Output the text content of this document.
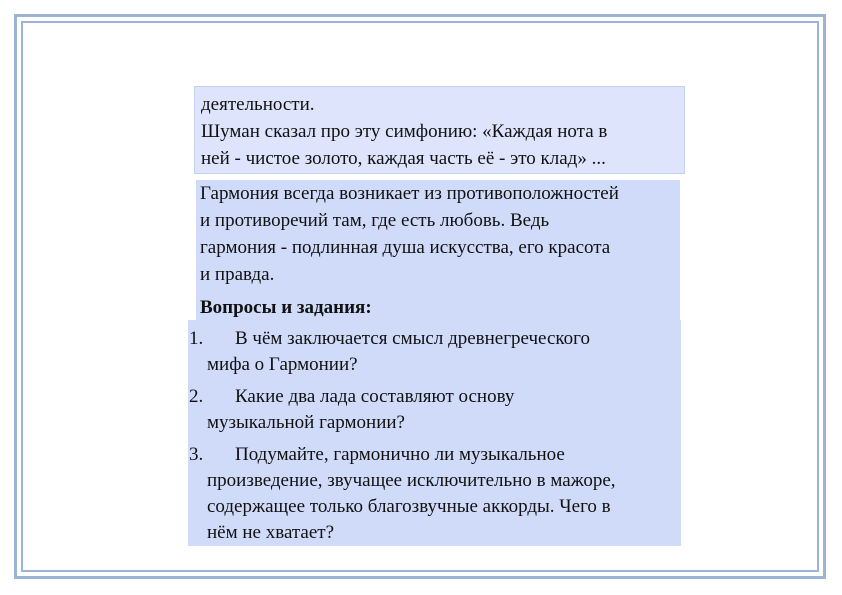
деятельности.
Шуман сказал про эту симфонию: «Каждая нота в
ней - чистое золото, каждая часть её - это клад» ...

Гармония всегда возникает из противоположностей

и противоречий там, где есть любовь. Ведь

гармония - подлинная душа искусства, его красота

и правда.

Вопросы и задания:

1.	В чём заключается смысл древнегреческого
мифа о Гармонии?
2.	Какие два лада составляют основу
музыкальной гармонии?
3.	Подумайте, гармонично ли музыкальное
произведение, звучащее исключительно в мажоре,
содержащее только благозвучные аккорды. Чего в
нём не хватает?
